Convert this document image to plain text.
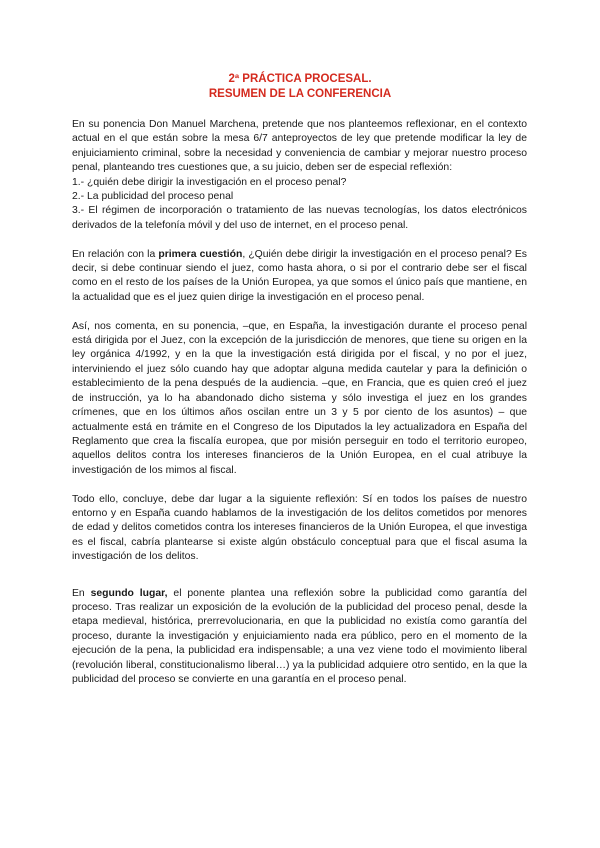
2ª PRÁCTICA PROCESAL.
RESUMEN DE LA CONFERENCIA

En su ponencia Don Manuel Marchena, pretende que nos planteemos reflexionar, en el contexto actual en el que están sobre la mesa 6/7 anteproyectos de ley que pretende modificar la ley de enjuiciamiento criminal, sobre la necesidad y conveniencia de cambiar y mejorar nuestro proceso penal, planteando tres cuestiones que, a su juicio, deben ser de especial reflexión:

1.- ¿quién debe dirigir la investigación en el proceso penal?

2.- La publicidad del proceso penal

3.- El régimen de incorporación o tratamiento de las nuevas tecnologías, los datos electrónicos derivados de la telefonía móvil y del uso de internet, en el proceso penal.

En relación con la primera cuestión, ¿Quién debe dirigir la investigación en el proceso penal? Es decir, si debe continuar siendo el juez, como hasta ahora, o si por el contrario debe ser el fiscal como en el resto de los países de la Unión Europea, ya que somos el único país que mantiene, en la actualidad que es el juez quien dirige la investigación en el proceso penal.

Así, nos comenta, en su ponencia, –que, en España, la investigación durante el proceso penal está dirigida por el Juez, con la excepción de la jurisdicción de menores, que tiene su origen en la ley orgánica 4/1992, y en la que la investigación está dirigida por el fiscal, y no por el juez, interviniendo el juez sólo cuando hay que adoptar alguna medida cautelar y para la definición o establecimiento de la pena después de la audiencia. –que, en Francia, que es quien creó el juez de instrucción, ya lo ha abandonado dicho sistema y sólo investiga el juez en los grandes crímenes, que en los últimos años oscilan entre un 3 y 5 por ciento de los asuntos) – que actualmente está en trámite en el Congreso de los Diputados la ley actualizadora en España del Reglamento que crea la fiscalía europea, que por misión perseguir en todo el territorio europeo, aquellos delitos contra los intereses financieros de la Unión Europea, en el cual atribuye la investigación de los mimos al fiscal.

Todo ello, concluye, debe dar lugar a la siguiente reflexión: Sí en todos los países de nuestro entorno y en España cuando hablamos de la investigación de los delitos cometidos por menores de edad y delitos cometidos contra los intereses financieros de la Unión Europea, el que investiga es el fiscal, cabría plantearse si existe algún obstáculo conceptual para que el fiscal asuma la investigación de los delitos.

En segundo lugar, el ponente plantea una reflexión sobre la publicidad como garantía del proceso. Tras realizar un exposición de la evolución de la publicidad del proceso penal, desde la etapa medieval, histórica, prerrevolucionaria, en que la publicidad no existía como garantía del proceso, durante la investigación y enjuiciamiento nada era público, pero en el momento de la ejecución de la pena, la publicidad era indispensable; a una vez viene todo el movimiento liberal (revolución liberal, constitucionalismo liberal…) ya la publicidad adquiere otro sentido, en la que la publicidad del proceso se convierte en una garantía en el proceso penal.
